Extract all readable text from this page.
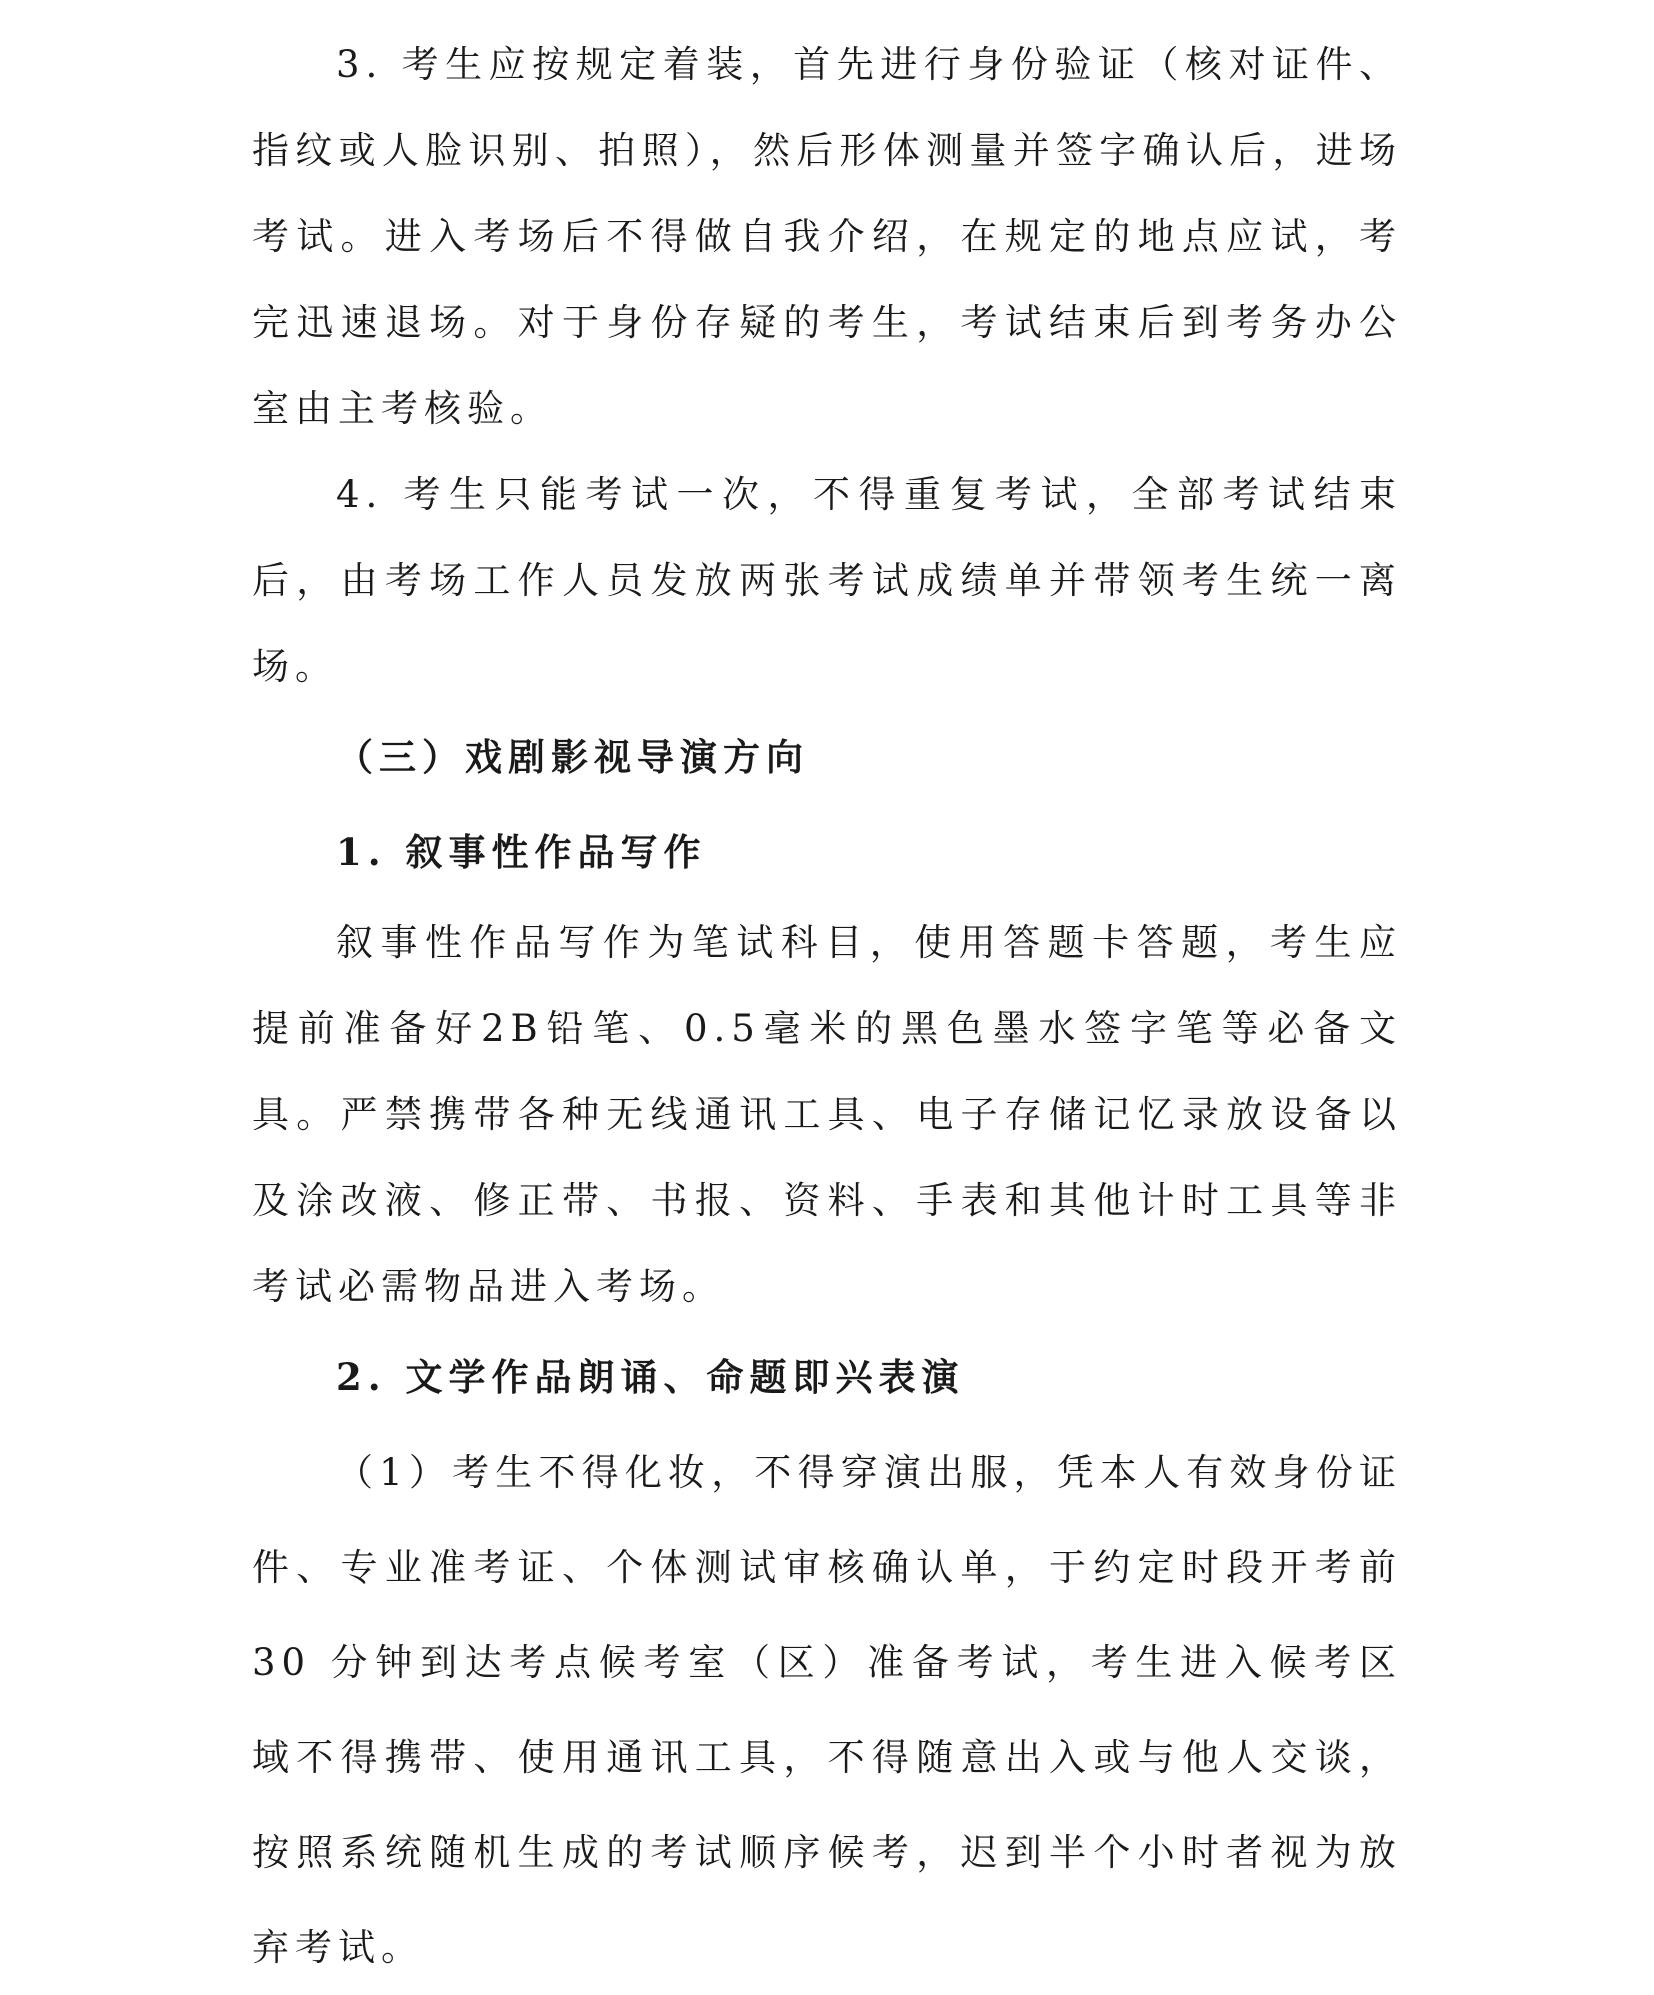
3. 考生应按规定着装，首先进行身份验证（核对证件、指纹或人脸识别、拍照），然后形体测量并签字确认后，进场考试。进入考场后不得做自我介绍，在规定的地点应试，考完迅速退场。对于身份存疑的考生，考试结束后到考务办公室由主考核验。

4. 考生只能考试一次，不得重复考试，全部考试结束后，由考场工作人员发放两张考试成绩单并带领考生统一离场。

（三）戏剧影视导演方向

1. 叙事性作品写作

叙事性作品写作为笔试科目，使用答题卡答题，考生应提前准备好2B铅笔、0.5毫米的黑色墨水签字笔等必备文具。严禁携带各种无线通讯工具、电子存储记忆录放设备以及涂改液、修正带、书报、资料、手表和其他计时工具等非考试必需物品进入考场。

2. 文学作品朗诵、命题即兴表演

（1）考生不得化妆，不得穿演出服，凭本人有效身份证件、专业准考证、个体测试审核确认单，于约定时段开考前 30 分钟到达考点候考室（区）准备考试，考生进入候考区域不得携带、使用通讯工具，不得随意出入或与他人交谈，按照系统随机生成的考试顺序候考，迟到半个小时者视为放弃考试。
